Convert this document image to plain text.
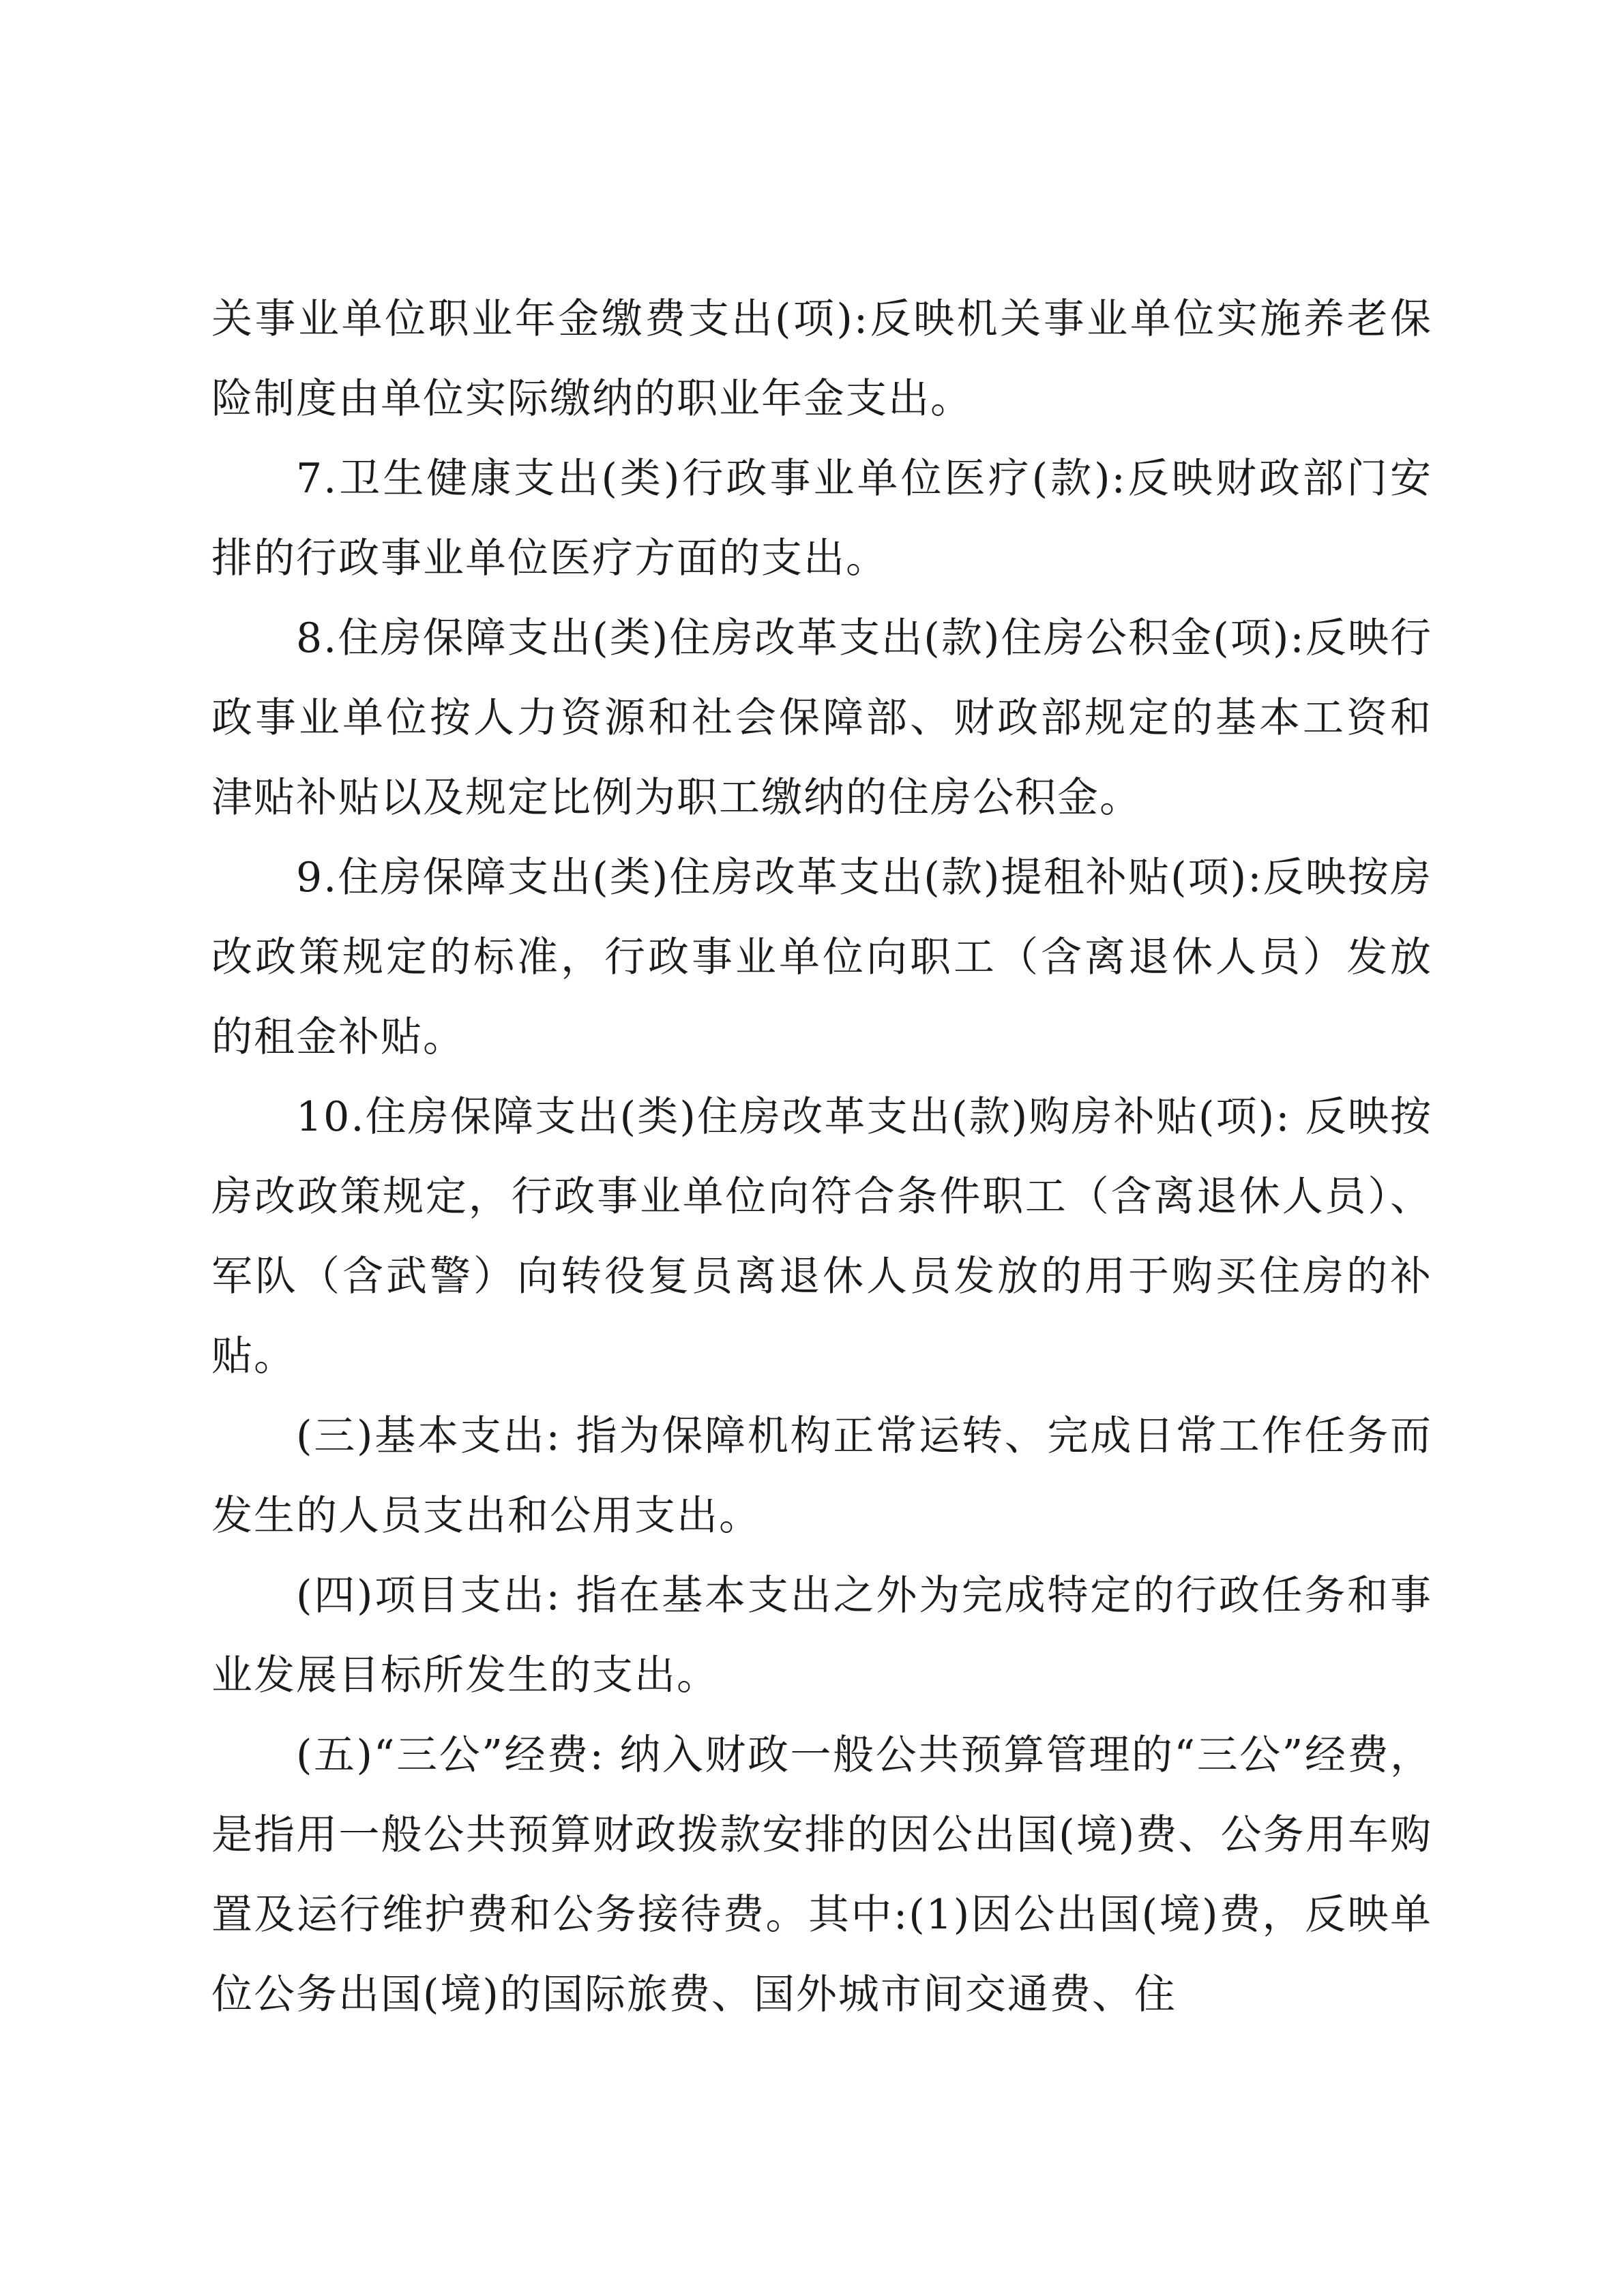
关事业单位职业年金缴费支出(项):反映机关事业单位实施养老保险制度由单位实际缴纳的职业年金支出。

7.卫生健康支出(类)行政事业单位医疗(款):反映财政部门安排的行政事业单位医疗方面的支出。

8.住房保障支出(类)住房改革支出(款)住房公积金(项):反映行政事业单位按人力资源和社会保障部、财政部规定的基本工资和津贴补贴以及规定比例为职工缴纳的住房公积金。

9.住房保障支出(类)住房改革支出(款)提租补贴(项):反映按房改政策规定的标准，行政事业单位向职工（含离退休人员）发放的租金补贴。

10.住房保障支出(类)住房改革支出(款)购房补贴(项): 反映按房改政策规定，行政事业单位向符合条件职工（含离退休人员）、军队（含武警）向转役复员离退休人员发放的用于购买住房的补贴。

(三)基本支出: 指为保障机构正常运转、完成日常工作任务而发生的人员支出和公用支出。

(四)项目支出: 指在基本支出之外为完成特定的行政任务和事业发展目标所发生的支出。

(五)“三公”经费: 纳入财政一般公共预算管理的“三公”经费，是指用一般公共预算财政拨款安排的因公出国(境)费、公务用车购置及运行维护费和公务接待费。其中:(1)因公出国(境)费，反映单位公务出国(境)的国际旅费、国外城市间交通费、住
